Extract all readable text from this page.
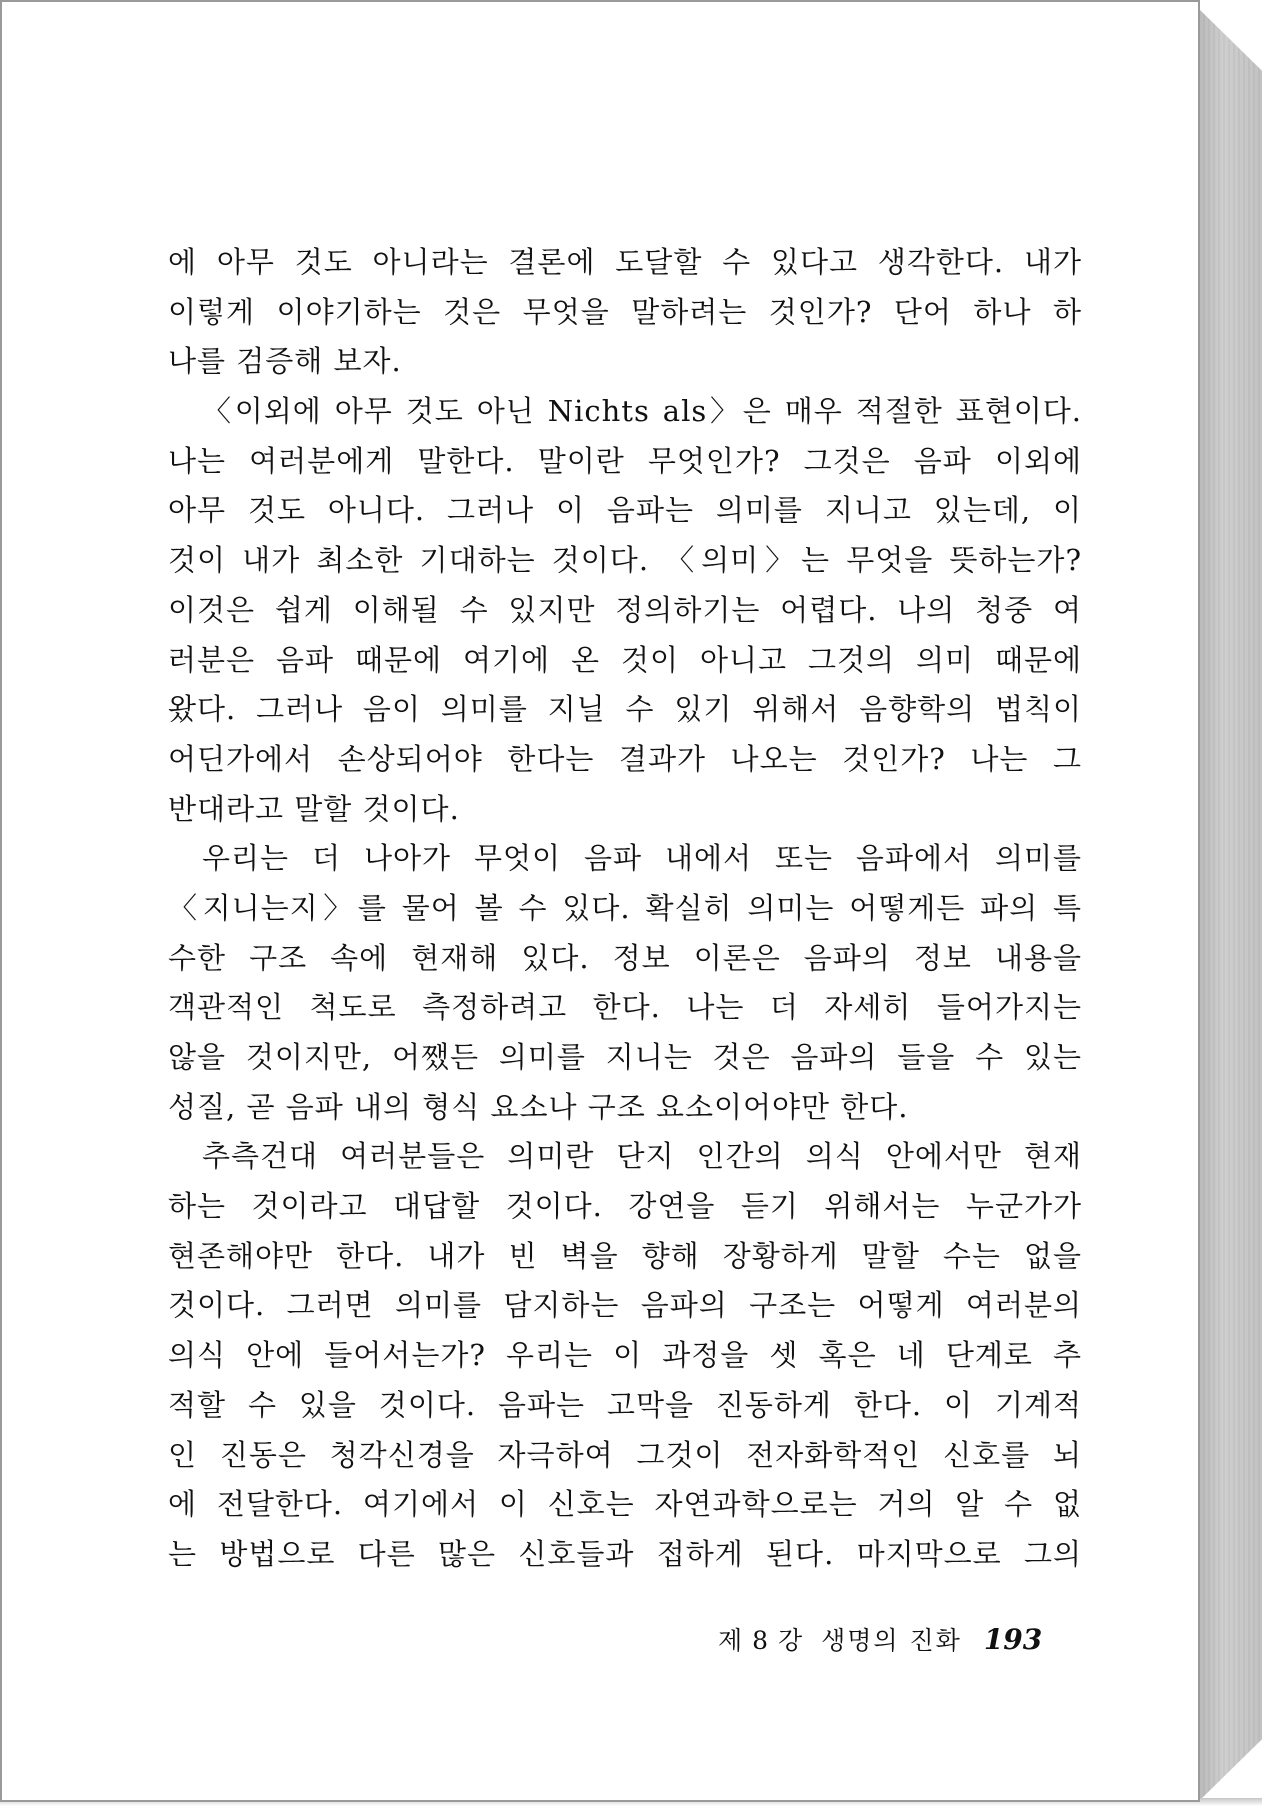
에 아무 것도 아니라는 결론에 도달할 수 있다고 생각한다. 내가
이렇게 이야기하는 것은 무엇을 말하려는 것인가? 단어 하나 하
나를 검증해 보자.
〈이외에 아무 것도 아닌 Nichts als〉은 매우 적절한 표현이다.
나는 여러분에게 말한다. 말이란 무엇인가? 그것은 음파 이외에
아무 것도 아니다. 그러나 이 음파는 의미를 지니고 있는데, 이
것이 내가 최소한 기대하는 것이다. 〈의미〉는 무엇을 뜻하는가?
이것은 쉽게 이해될 수 있지만 정의하기는 어렵다. 나의 청중 여
러분은 음파 때문에 여기에 온 것이 아니고 그것의 의미 때문에
왔다. 그러나 음이 의미를 지닐 수 있기 위해서 음향학의 법칙이
어딘가에서 손상되어야 한다는 결과가 나오는 것인가? 나는 그
반대라고 말할 것이다.
우리는 더 나아가 무엇이 음파 내에서 또는 음파에서 의미를
〈지니는지〉를 물어 볼 수 있다. 확실히 의미는 어떻게든 파의 특
수한 구조 속에 현재해 있다. 정보 이론은 음파의 정보 내용을
객관적인 척도로 측정하려고 한다. 나는 더 자세히 들어가지는
않을 것이지만, 어쨌든 의미를 지니는 것은 음파의 들을 수 있는
성질, 곧 음파 내의 형식 요소나 구조 요소이어야만 한다.
추측건대 여러분들은 의미란 단지 인간의 의식 안에서만 현재
하는 것이라고 대답할 것이다. 강연을 듣기 위해서는 누군가가
현존해야만 한다. 내가 빈 벽을 향해 장황하게 말할 수는 없을
것이다. 그러면 의미를 담지하는 음파의 구조는 어떻게 여러분의
의식 안에 들어서는가? 우리는 이 과정을 셋 혹은 네 단계로 추
적할 수 있을 것이다. 음파는 고막을 진동하게 한다. 이 기계적
인 진동은 청각신경을 자극하여 그것이 전자화학적인 신호를 뇌
에 전달한다. 여기에서 이 신호는 자연과학으로는 거의 알 수 없
는 방법으로 다른 많은 신호들과 접하게 된다. 마지막으로 그의
제 8 강 생명의 진화 193
